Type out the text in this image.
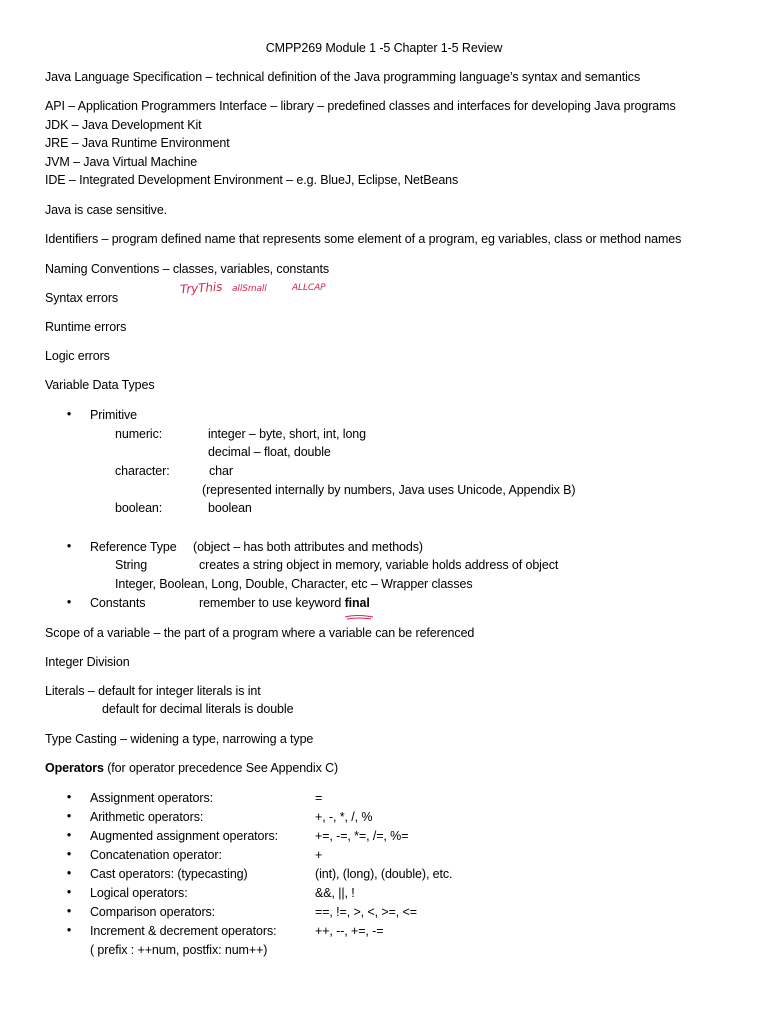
CMPP269 Module 1 -5 Chapter 1-5 Review
Java Language Specification – technical definition of the Java programming language’s syntax and semantics
API – Application Programmers Interface – library – predefined classes and interfaces for developing Java programs
JDK – Java Development Kit
JRE – Java Runtime Environment
JVM – Java Virtual Machine
IDE – Integrated Development Environment – e.g. BlueJ, Eclipse, NetBeans
Java is case sensitive.
Identifiers – program defined name that represents some element of a program, eg variables, class or method names
Naming Conventions – classes, variables, constants
TryThis allSmall	ALLCAP
Syntax errors
Runtime errors
Logic errors
Variable Data Types
• Primitive
numeric:	integer – byte, short, int, long
decimal – float, double
character:	char
(represented internally by numbers, Java uses Unicode, Appendix B)
boolean:	boolean
• Reference Type (object – has both attributes and methods)
String	creates a string object in memory, variable holds address of object
Integer, Boolean, Long, Double, Character, etc – Wrapper classes
• Constants	remember to use keyword final
Scope of a variable – the part of a program where a variable can be referenced
Integer Division
Literals – default for integer literals is int
default for decimal literals is double
Type Casting – widening a type, narrowing a type
Operators (for operator precedence See Appendix C)
• Assignment operators:	=
• Arithmetic operators:	+, -, *, /, %
• Augmented assignment operators:	+=, -=, *=, /=, %=
• Concatenation operator:	+
• Cast operators: (typecasting)	(int), (long), (double), etc.
• Logical operators:	&&, ||, !
• Comparison operators:	==, !=, >, <, >=, <=
• Increment & decrement operators:	++, --, +=, -=
( prefix : ++num, postfix: num++)
